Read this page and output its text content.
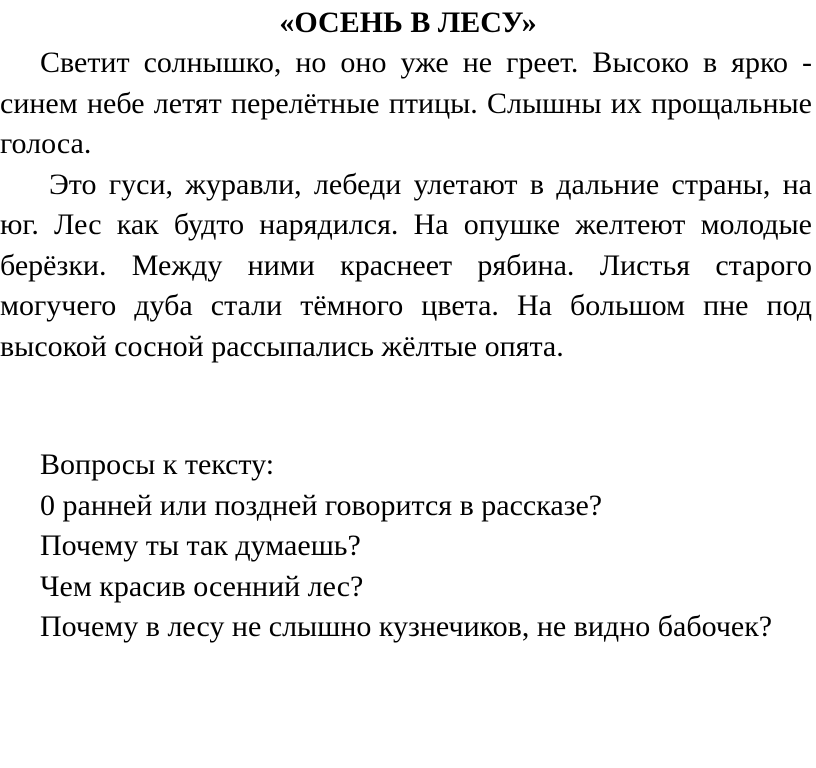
«ОСЕНЬ В ЛЕСУ»

Светит солнышко, но оно уже не греет. Высоко в ярко - синем небе летят перелётные птицы. Слышны их прощальные голоса.

Это гуси, журавли, лебеди улетают в дальние страны, на юг. Лес как будто нарядился. На опушке желтеют молодые берёзки. Между ними краснеет рябина. Листья старого могучего дуба стали тёмного цвета. На большом пне под высокой сосной рассыпались жёлтые опята.

Вопросы к тексту:

0 ранней или поздней говорится в рассказе?

Почему ты так думаешь?

Чем красив осенний лес?

Почему в лесу не слышно кузнечиков, не видно бабочек?
